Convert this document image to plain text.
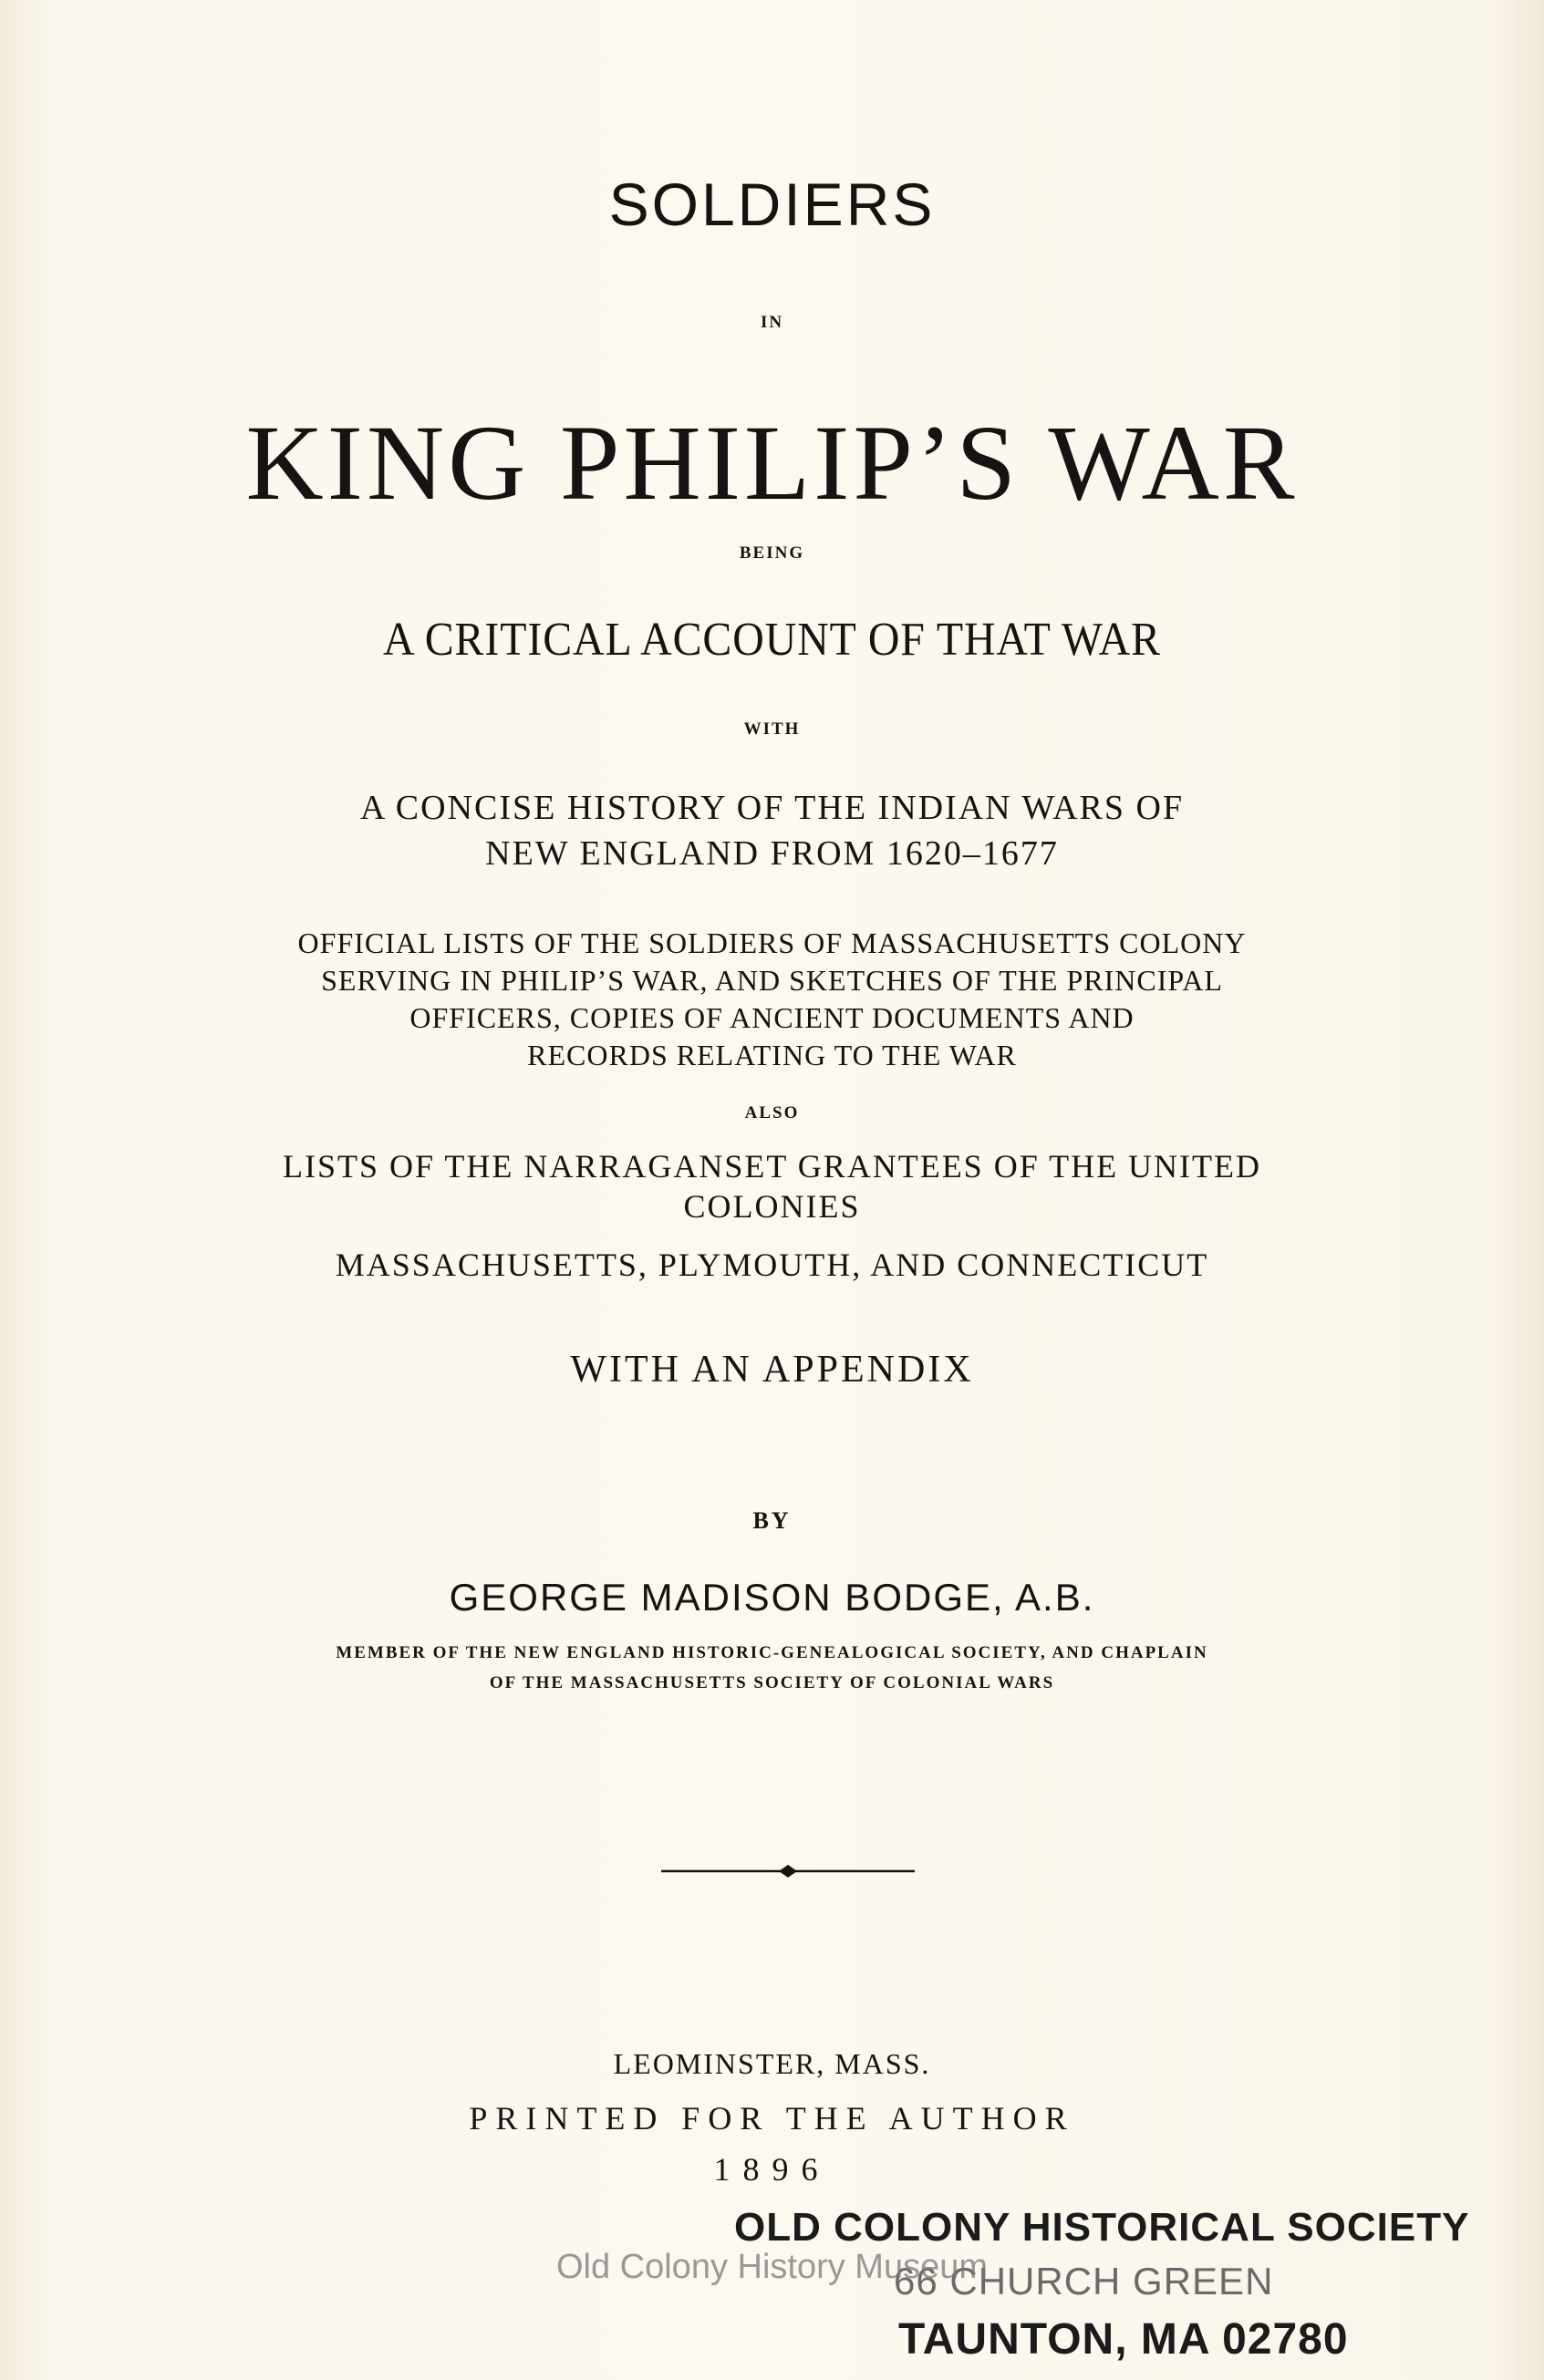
SOLDIERS
IN
KING PHILIP’S WAR
BEING
A CRITICAL ACCOUNT OF THAT WAR
WITH
A CONCISE HISTORY OF THE INDIAN WARS OF
NEW ENGLAND FROM 1620–1677
OFFICIAL LISTS OF THE SOLDIERS OF MASSACHUSETTS COLONY
SERVING IN PHILIP’S WAR, AND SKETCHES OF THE PRINCIPAL
OFFICERS, COPIES OF ANCIENT DOCUMENTS AND
RECORDS RELATING TO THE WAR
ALSO
LISTS OF THE NARRAGANSET GRANTEES OF THE UNITED
COLONIES
MASSACHUSETTS, PLYMOUTH, AND CONNECTICUT
WITH AN APPENDIX
BY
GEORGE MADISON BODGE, A.B.
MEMBER OF THE NEW ENGLAND HISTORIC-GENEALOGICAL SOCIETY, AND CHAPLAIN
OF THE MASSACHUSETTS SOCIETY OF COLONIAL WARS
LEOMINSTER, MASS.
PRINTED FOR THE AUTHOR
1896
OLD COLONY HISTORICAL SOCIETY
66 CHURCH GREEN
TAUNTON, MA 02780
Old Colony History Museum
